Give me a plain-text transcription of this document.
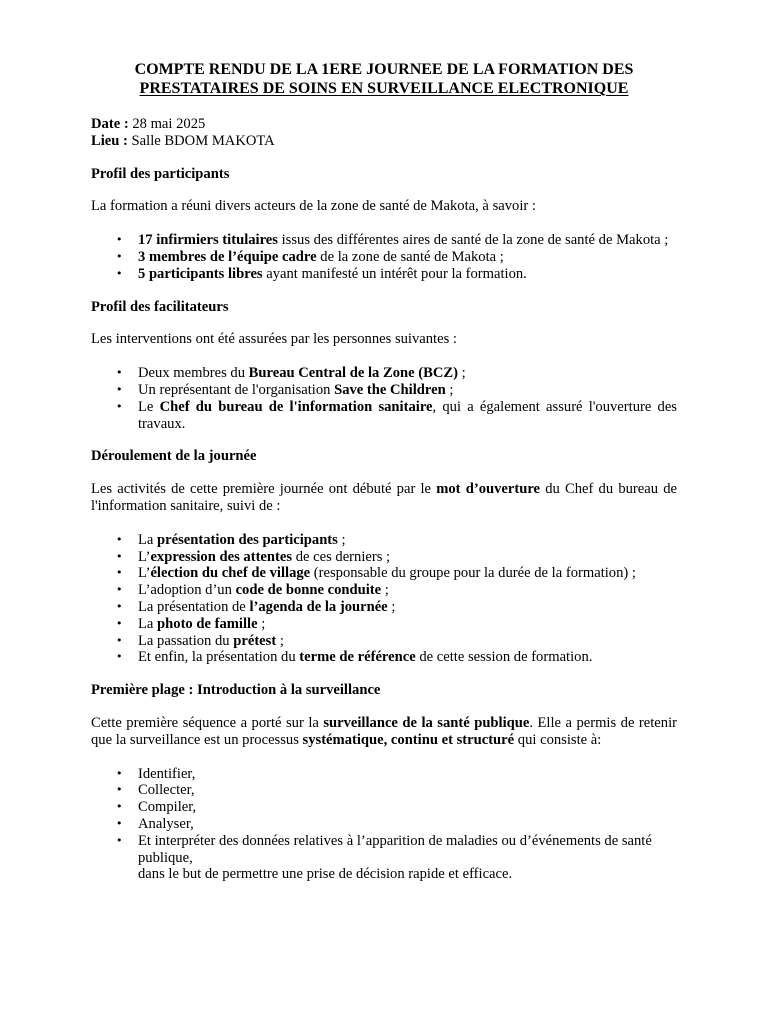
COMPTE RENDU DE LA 1ERE JOURNEE DE LA FORMATION DES
PRESTATAIRES DE SOINS EN SURVEILLANCE ELECTRONIQUE
Date : 28 mai 2025
Lieu : Salle BDOM MAKOTA

Profil des participants

La formation a réuni divers acteurs de la zone de santé de Makota, à savoir :

• 17 infirmiers titulaires issus des différentes aires de santé de la zone de santé de Makota ;
• 3 membres de l’équipe cadre de la zone de santé de Makota ;
• 5 participants libres ayant manifesté un intérêt pour la formation.

Profil des facilitateurs

Les interventions ont été assurées par les personnes suivantes :

• Deux membres du Bureau Central de la Zone (BCZ) ;
• Un représentant de l'organisation Save the Children ;
• Le Chef du bureau de l'information sanitaire, qui a également assuré l'ouverture des travaux.

Déroulement de la journée

Les activités de cette première journée ont débuté par le mot d’ouverture du Chef du bureau de l'information sanitaire, suivi de :

• La présentation des participants ;
• L’expression des attentes de ces derniers ;
• L’élection du chef de village (responsable du groupe pour la durée de la formation) ;
• L’adoption d’un code de bonne conduite ;
• La présentation de l’agenda de la journée ;
• La photo de famille ;
• La passation du prétest ;
• Et enfin, la présentation du terme de référence de cette session de formation.

Première plage : Introduction à la surveillance

Cette première séquence a porté sur la surveillance de la santé publique. Elle a permis de retenir que la surveillance est un processus systématique, continu et structuré qui consiste à:

• Identifier,
• Collecter,
• Compiler,
• Analyser,
• Et interpréter des données relatives à l’apparition de maladies ou d’événements de santé publique,
dans le but de permettre une prise de décision rapide et efficace.
